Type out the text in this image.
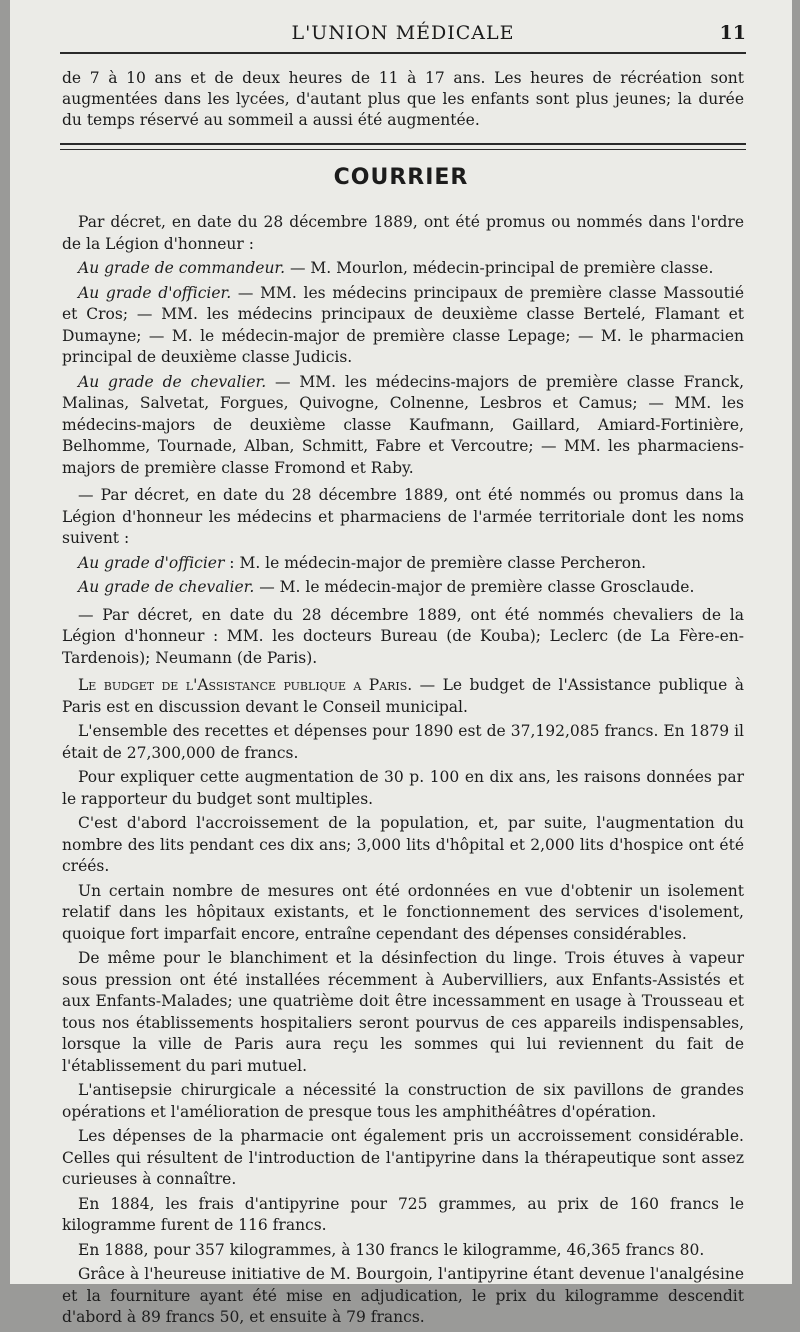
L'UNION MÉDICALE	11
de 7 à 10 ans et de deux heures de 11 à 17 ans. Les heures de récréation sont augmentées dans les lycées, d'autant plus que les enfants sont plus jeunes; la durée du temps réservé au sommeil a aussi été augmentée.
COURRIER

Par décret, en date du 28 décembre 1889, ont été promus ou nommés dans l'ordre de la Légion d'honneur :

Au grade de commandeur. — M. Mourlon, médecin-principal de première classe.

Au grade d'officier. — MM. les médecins principaux de première classe Massoutié et Cros; — MM. les médecins principaux de deuxième classe Bertelé, Flamant et Dumayne; — M. le médecin-major de première classe Lepage; — M. le pharmacien principal de deuxième classe Judicis.

Au grade de chevalier. — MM. les médecins-majors de première classe Franck, Malinas, Salvetat, Forgues, Quivogne, Colnenne, Lesbros et Camus; — MM. les médecins-majors de deuxième classe Kaufmann, Gaillard, Amiard-Fortinière, Belhomme, Tournade, Alban, Schmitt, Fabre et Vercoutre; — MM. les pharmaciens-majors de première classe Fromond et Raby.

— Par décret, en date du 28 décembre 1889, ont été nommés ou promus dans la Légion d'honneur les médecins et pharmaciens de l'armée territoriale dont les noms suivent :

Au grade d'officier : M. le médecin-major de première classe Percheron.

Au grade de chevalier. — M. le médecin-major de première classe Grosclaude.

— Par décret, en date du 28 décembre 1889, ont été nommés chevaliers de la Légion d'honneur : MM. les docteurs Bureau (de Kouba); Leclerc (de La Fère-en-Tardenois); Neumann (de Paris).

Le budget de l'Assistance publique a Paris. — Le budget de l'Assistance publique à Paris est en discussion devant le Conseil municipal.

L'ensemble des recettes et dépenses pour 1890 est de 37,192,085 francs. En 1879 il était de 27,300,000 de francs.

Pour expliquer cette augmentation de 30 p. 100 en dix ans, les raisons données par le rapporteur du budget sont multiples.

C'est d'abord l'accroissement de la population, et, par suite, l'augmentation du nombre des lits pendant ces dix ans; 3,000 lits d'hôpital et 2,000 lits d'hospice ont été créés.

Un certain nombre de mesures ont été ordonnées en vue d'obtenir un isolement relatif dans les hôpitaux existants, et le fonctionnement des services d'isolement, quoique fort imparfait encore, entraîne cependant des dépenses considérables.

De même pour le blanchiment et la désinfection du linge. Trois étuves à vapeur sous pression ont été installées récemment à Aubervilliers, aux Enfants-Assistés et aux Enfants-Malades; une quatrième doit être incessamment en usage à Trousseau et tous nos établissements hospitaliers seront pourvus de ces appareils indispensables, lorsque la ville de Paris aura reçu les sommes qui lui reviennent du fait de l'établissement du pari mutuel.

L'antisepsie chirurgicale a nécessité la construction de six pavillons de grandes opérations et l'amélioration de presque tous les amphithéâtres d'opération.

Les dépenses de la pharmacie ont également pris un accroissement considérable. Celles qui résultent de l'introduction de l'antipyrine dans la thérapeutique sont assez curieuses à connaître.

En 1884, les frais d'antipyrine pour 725 grammes, au prix de 160 francs le kilogramme furent de 116 francs.

En 1888, pour 357 kilogrammes, à 130 francs le kilogramme, 46,365 francs 80.

Grâce à l'heureuse initiative de M. Bourgoin, l'antipyrine étant devenue l'analgésine et la fourniture ayant été mise en adjudication, le prix du kilogramme descendit d'abord à 89 francs 50, et ensuite à 79 francs.
